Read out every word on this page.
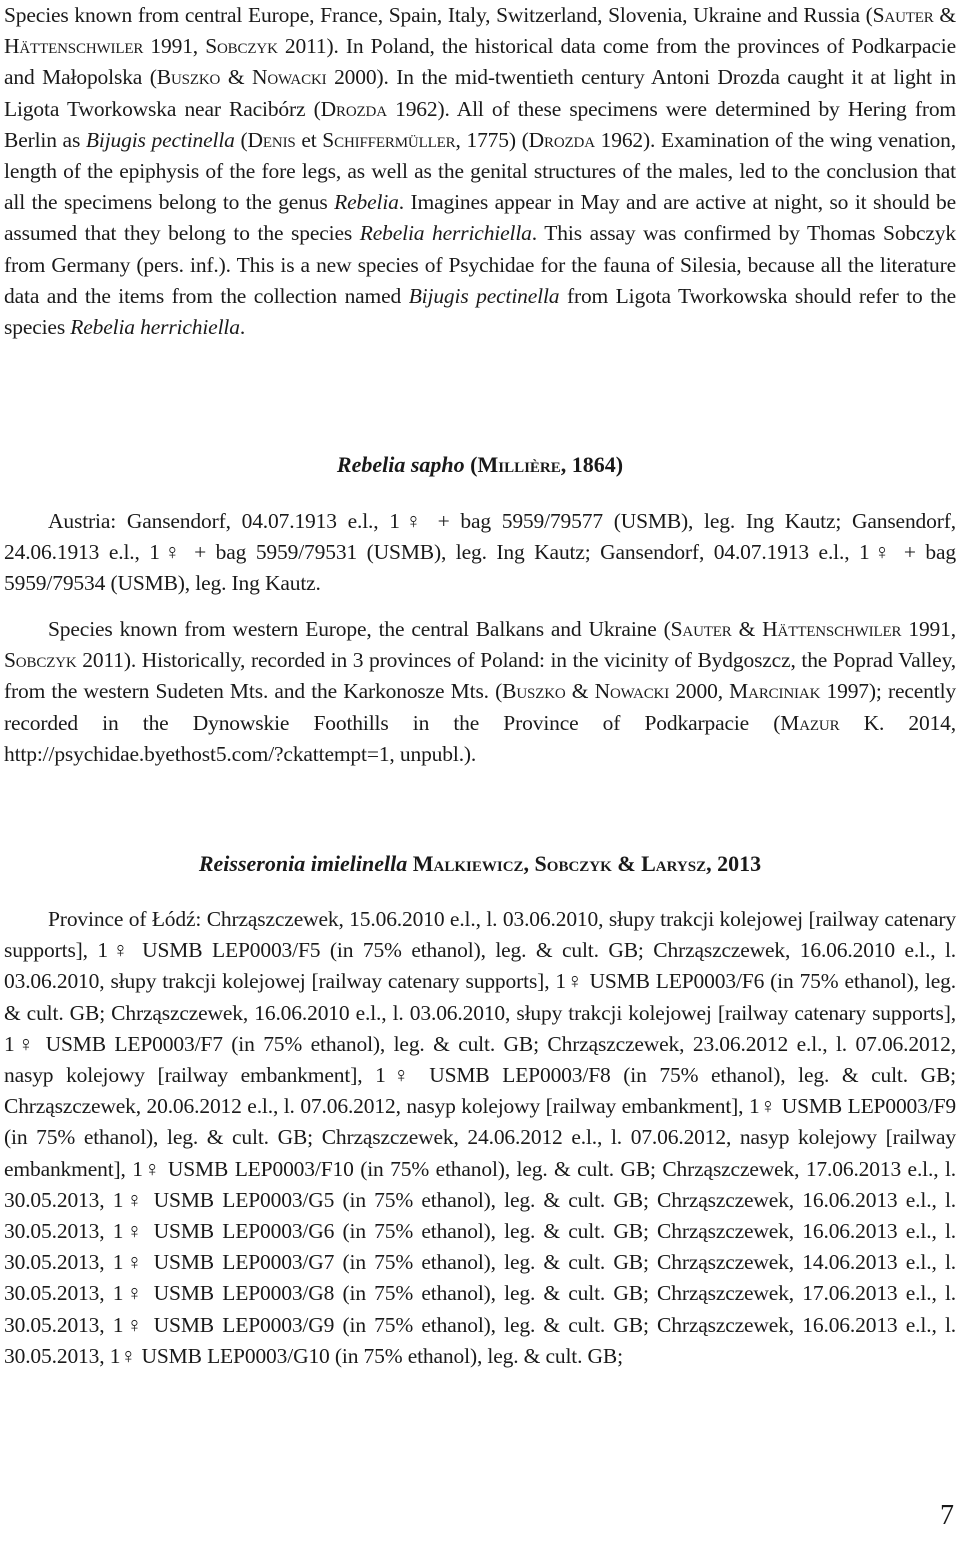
Species known from central Europe, France, Spain, Italy, Switzerland, Slovenia, Ukraine and Russia (Sauter & Hättenschwiler 1991, Sobczyk 2011). In Poland, the historical data come from the provinces of Podkarpacie and Małopolska (Buszko & Nowacki 2000). In the mid-twentieth century Antoni Drozda caught it at light in Ligota Tworkowska near Racibórz (Drozda 1962). All of these specimens were determined by Hering from Berlin as Bijugis pectinella (Denis et Schiffermüller, 1775) (Drozda 1962). Examination of the wing venation, length of the epiphysis of the fore legs, as well as the genital structures of the males, led to the conclusion that all the specimens belong to the genus Rebelia. Imagines appear in May and are active at night, so it should be assumed that they belong to the species Rebelia herrichiella. This assay was confirmed by Thomas Sobczyk from Germany (pers. inf.). This is a new species of Psychidae for the fauna of Silesia, because all the literature data and the items from the collection named Bijugis pectinella from Ligota Tworkowska should refer to the species Rebelia herrichiella.

Rebelia sapho (Millière, 1864)

Austria: Gansendorf, 04.07.1913 e.l., 1♀ + bag 5959/79577 (USMB), leg. Ing Kautz; Gansendorf, 24.06.1913 e.l., 1♀ + bag 5959/79531 (USMB), leg. Ing Kautz; Gansendorf, 04.07.1913 e.l., 1♀ + bag 5959/79534 (USMB), leg. Ing Kautz.

Species known from western Europe, the central Balkans and Ukraine (Sauter & Hättenschwiler 1991, Sobczyk 2011). Historically, recorded in 3 provinces of Poland: in the vicinity of Bydgoszcz, the Poprad Valley, from the western Sudeten Mts. and the Karkonosze Mts. (Buszko & Nowacki 2000, Marciniak 1997); recently recorded in the Dynowskie Foothills in the Province of Podkarpacie (Mazur K. 2014, http://psychidae.byethost5.com/?ckattempt=1, unpubl.).

Reisseronia imielinella Malkiewicz, Sobczyk & Larysz, 2013

Province of Łódź: Chrząszczewek, 15.06.2010 e.l., l. 03.06.2010, słupy trakcji kolejowej [railway catenary supports], 1♀ USMB LEP0003/F5 (in 75% ethanol), leg. & cult. GB; Chrząszczewek, 16.06.2010 e.l., l. 03.06.2010, słupy trakcji kolejowej [railway catenary supports], 1♀ USMB LEP0003/F6 (in 75% ethanol), leg. & cult. GB; Chrząszczewek, 16.06.2010 e.l., l. 03.06.2010, słupy trakcji kolejowej [railway catenary supports], 1♀ USMB LEP0003/F7 (in 75% ethanol), leg. & cult. GB; Chrząszczewek, 23.06.2012 e.l., l. 07.06.2012, nasyp kolejowy [railway embankment], 1♀ USMB LEP0003/F8 (in 75% ethanol), leg. & cult. GB; Chrząszczewek, 20.06.2012 e.l., l. 07.06.2012, nasyp kolejowy [railway embankment], 1♀ USMB LEP0003/F9 (in 75% ethanol), leg. & cult. GB; Chrząszczewek, 24.06.2012 e.l., l. 07.06.2012, nasyp kolejowy [railway embankment], 1♀ USMB LEP0003/F10 (in 75% ethanol), leg. & cult. GB; Chrząszczewek, 17.06.2013 e.l., l. 30.05.2013, 1♀ USMB LEP0003/G5 (in 75% ethanol), leg. & cult. GB; Chrząszczewek, 16.06.2013 e.l., l. 30.05.2013, 1♀ USMB LEP0003/G6 (in 75% ethanol), leg. & cult. GB; Chrząszczewek, 16.06.2013 e.l., l. 30.05.2013, 1♀ USMB LEP0003/G7 (in 75% ethanol), leg. & cult. GB; Chrząszczewek, 14.06.2013 e.l., l. 30.05.2013, 1♀ USMB LEP0003/G8 (in 75% ethanol), leg. & cult. GB; Chrząszczewek, 17.06.2013 e.l., l. 30.05.2013, 1♀ USMB LEP0003/G9 (in 75% ethanol), leg. & cult. GB; Chrząszczewek, 16.06.2013 e.l., l. 30.05.2013, 1♀ USMB LEP0003/G10 (in 75% ethanol), leg. & cult. GB;

7
